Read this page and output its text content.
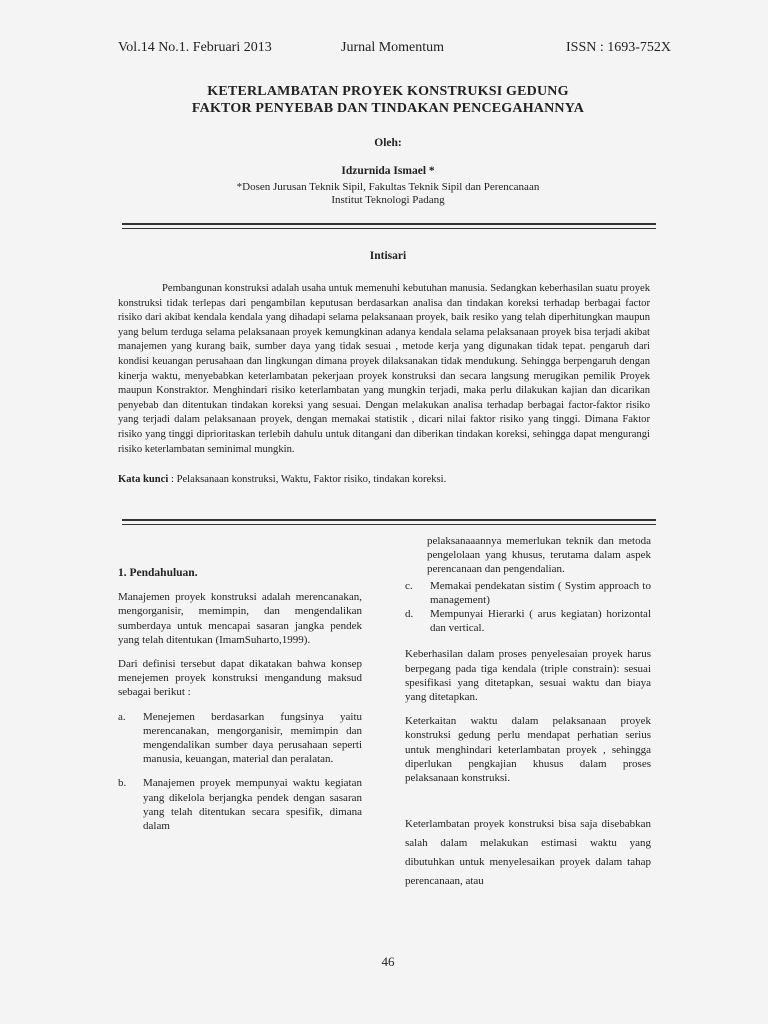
Vol.14 No.1. Februari 2013	Jurnal Momentum	ISSN : 1693-752X
KETERLAMBATAN PROYEK KONSTRUKSI GEDUNG
FAKTOR PENYEBAB DAN TINDAKAN PENCEGAHANNYA
Oleh:
Idzurnida Ismael *
*Dosen Jurusan Teknik Sipil, Fakultas Teknik Sipil dan Perencanaan
Institut Teknologi Padang
Intisari

Pembangunan konstruksi adalah usaha untuk memenuhi kebutuhan manusia. Sedangkan keberhasilan suatu proyek konstruksi tidak terlepas dari pengambilan keputusan berdasarkan analisa dan tindakan koreksi terhadap berbagai factor risiko dari akibat kendala kendala yang dihadapi selama pelaksanaan proyek, baik resiko yang telah diperhitungkan maupun yang belum terduga selama pelaksanaan proyek kemungkinan adanya kendala selama pelaksanaan proyek bisa terjadi akibat manajemen yang kurang baik, sumber daya yang tidak sesuai , metode kerja yang digunakan tidak tepat. pengaruh dari kondisi keuangan perusahaan dan lingkungan dimana proyek dilaksanakan tidak mendukung. Sehingga berpengaruh dengan kinerja waktu, menyebabkan keterlambatan pekerjaan proyek konstruksi dan secara langsung merugikan pemilik Proyek maupun Konstraktor. Menghindari risiko keterlambatan yang mungkin terjadi, maka perlu dilakukan kajian dan dicarikan penyebab dan ditentukan tindakan koreksi yang sesuai. Dengan melakukan analisa terhadap berbagai factor-faktor risiko yang terjadi dalam pelaksanaan proyek, dengan memakai statistik , dicari nilai faktor risiko yang tinggi. Dimana Faktor risiko yang tinggi diprioritaskan terlebih dahulu untuk ditangani dan diberikan tindakan koreksi, sehingga dapat mengurangi risiko keterlambatan seminimal mungkin.

Kata kunci : Pelaksanaan konstruksi, Waktu, Faktor risiko, tindakan koreksi.

1. Pendahuluan.

Manajemen proyek konstruksi adalah merencanakan, mengorganisir, memimpin, dan mengendalikan sumberdaya untuk mencapai sasaran jangka pendek yang telah ditentukan (ImamSuharto,1999).

Dari definisi tersebut dapat dikatakan bahwa konsep menejemen proyek konstruksi mengandung maksud sebagai berikut :

a.	Menejemen berdasarkan fungsinya yaitu merencanakan, mengorganisir, memimpin dan mengendalikan sumber daya perusahaan seperti manusia, keuangan, material dan peralatan.
b.	Manajemen proyek mempunyai waktu kegiatan yang dikelola berjangka pendek dengan sasaran yang telah ditentukan secara spesifik, dimana dalam

pelaksanaaannya memerlukan teknik dan metoda pengelolaan yang khusus, terutama dalam aspek perencanaan dan pengendalian.

c.	Memakai pendekatan sistim ( Systim approach to management)
d.	Mempunyai Hierarki ( arus kegiatan) horizontal dan vertical.

Keberhasilan dalam proses penyelesaian proyek harus berpegang pada tiga kendala (triple constrain): sesuai spesifikasi yang ditetapkan, sesuai waktu dan biaya yang ditetapkan.

Keterkaitan waktu dalam pelaksanaan proyek konstruksi gedung perlu mendapat perhatian serius untuk menghindari keterlambatan proyek , sehingga diperlukan pengkajian khusus dalam proses pelaksanaan konstruksi.

Keterlambatan proyek konstruksi bisa saja disebabkan salah dalam melakukan estimasi waktu yang dibutuhkan untuk menyelesaikan proyek dalam tahap perencanaan, atau

46
